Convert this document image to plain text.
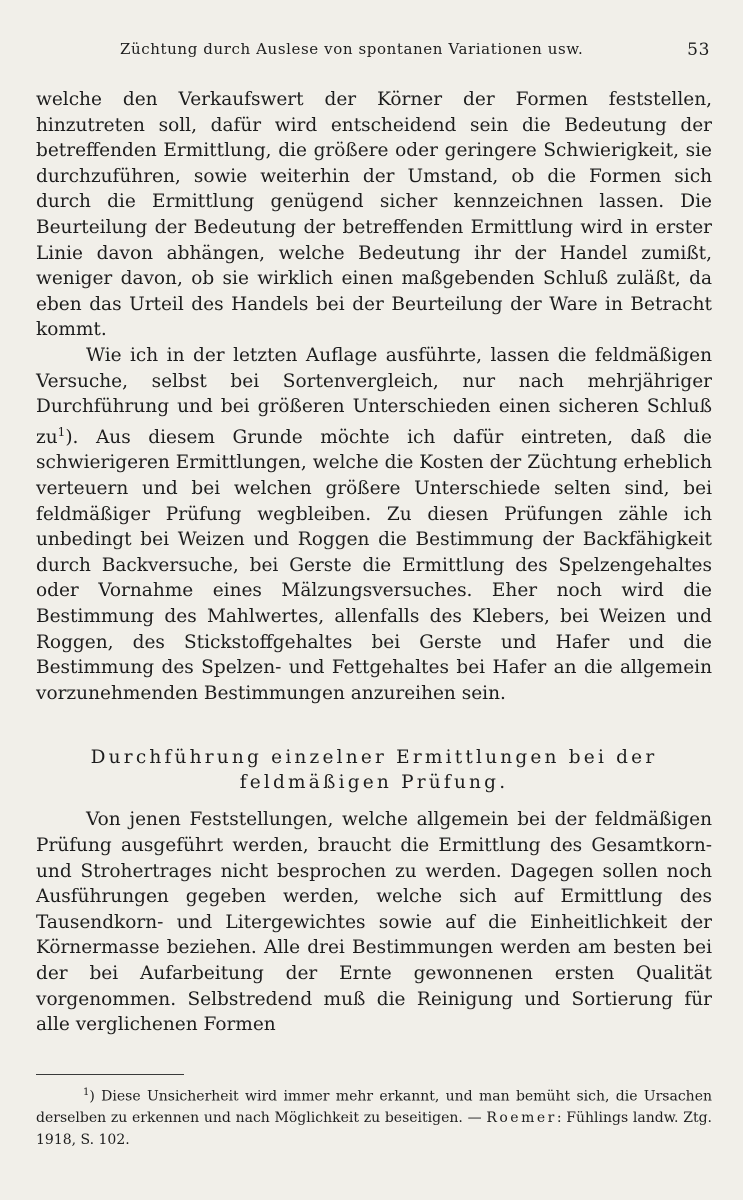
Züchtung durch Auslese von spontanen Variationen usw.	53

welche den Verkaufswert der Körner der Formen feststellen, hinzutreten soll, dafür wird entscheidend sein die Bedeutung der betreffenden Ermittlung, die größere oder geringere Schwierigkeit, sie durchzuführen, sowie weiterhin der Umstand, ob die Formen sich durch die Ermittlung genügend sicher kennzeichnen lassen. Die Beurteilung der Bedeutung der betreffenden Ermittlung wird in erster Linie davon abhängen, welche Bedeutung ihr der Handel zumißt, weniger davon, ob sie wirklich einen maßgebenden Schluß zuläßt, da eben das Urteil des Handels bei der Beurteilung der Ware in Betracht kommt.

Wie ich in der letzten Auflage ausführte, lassen die feldmäßigen Versuche, selbst bei Sortenvergleich, nur nach mehrjähriger Durchführung und bei größeren Unterschieden einen sicheren Schluß $zu^1$). Aus diesem Grunde möchte ich dafür eintreten, daß die schwierigeren Ermittlungen, welche die Kosten der Züchtung erheblich verteuern und bei welchen größere Unterschiede selten sind, bei feldmäßiger Prüfung wegbleiben. Zu diesen Prüfungen zähle ich unbedingt bei Weizen und Roggen die Bestimmung der Backfähigkeit durch Backversuche, bei Gerste die Ermittlung des Spelzengehaltes oder Vornahme eines Mälzungsversuches. Eher noch wird die Bestimmung des Mahlwertes, allenfalls des Klebers, bei Weizen und Roggen, des Stickstoffgehaltes bei Gerste und Hafer und die Bestimmung des Spelzen- und Fettgehaltes bei Hafer an die allgemein vorzunehmenden Bestimmungen anzureihen sein.

Durchführung einzelner Ermittlungen bei der
feldmäßigen Prüfung.

Von jenen Feststellungen, welche allgemein bei der feldmäßigen Prüfung ausgeführt werden, braucht die Ermittlung des Gesamtkorn- und Strohertrages nicht besprochen zu werden. Dagegen sollen noch Ausführungen gegeben werden, welche sich auf Ermittlung des Tausendkorn- und Litergewichtes sowie auf die Einheitlichkeit der Körnermasse beziehen. Alle drei Bestimmungen werden am besten bei der bei Aufarbeitung der Ernte gewonnenen ersten Qualität vorgenommen. Selbstredend muß die Reinigung und Sortierung für alle verglichenen Formen

$^1$) Diese Unsicherheit wird immer mehr erkannt, und man bemüht sich, die Ursachen derselben zu erkennen und nach Möglichkeit zu beseitigen. — Roemer: Fühlings landw. Ztg. 1918, S. 102.
